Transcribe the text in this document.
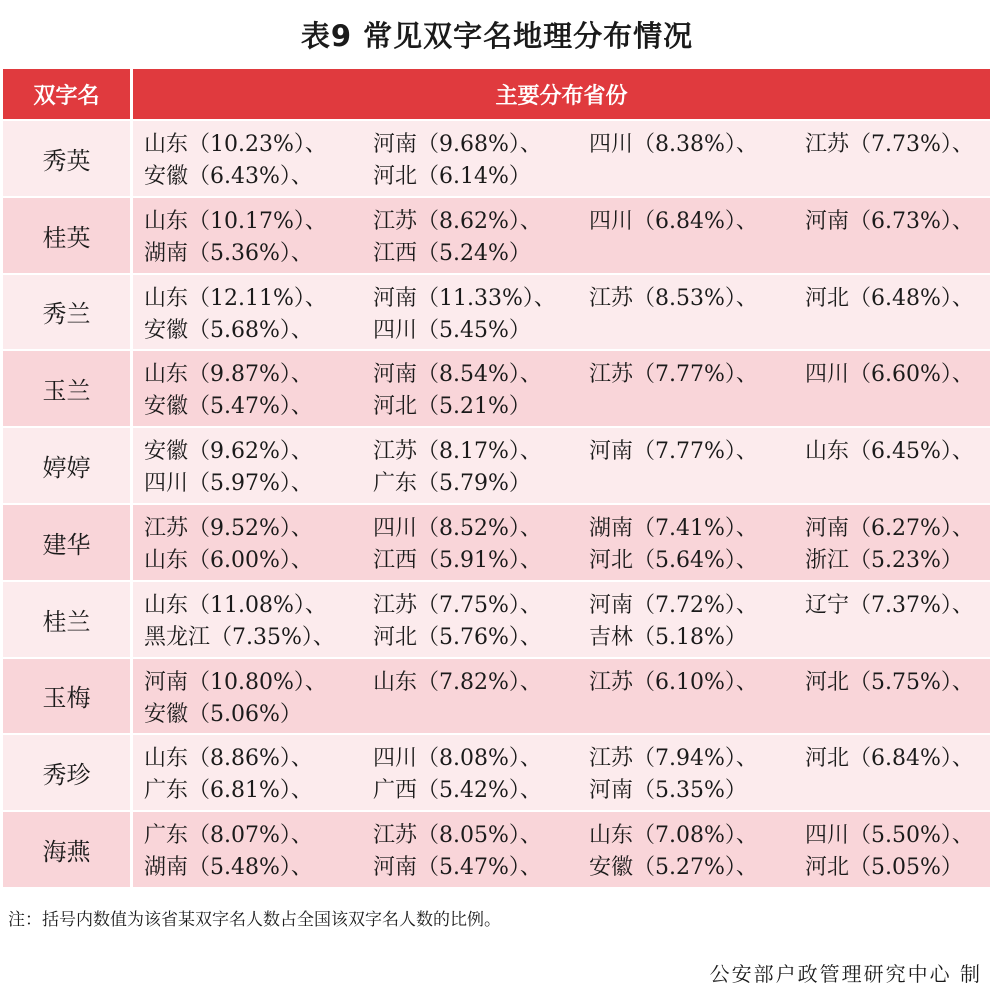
表9 常见双字名地理分布情况
双字名	主要分布省份
秀英
山东（10.23%）、	河南（9.68%）、	四川（8.38%）、	江苏（7.73%）、
安徽（6.43%）、	河北（6.14%）
桂英
山东（10.17%）、	江苏（8.62%）、	四川（6.84%）、	河南（6.73%）、
湖南（5.36%）、	江西（5.24%）
秀兰
山东（12.11%）、	河南（11.33%）、	江苏（8.53%）、	河北（6.48%）、
安徽（5.68%）、	四川（5.45%）
玉兰
山东（9.87%）、	河南（8.54%）、	江苏（7.77%）、	四川（6.60%）、
安徽（5.47%）、	河北（5.21%）
婷婷
安徽（9.62%）、	江苏（8.17%）、	河南（7.77%）、	山东（6.45%）、
四川（5.97%）、	广东（5.79%）
建华
江苏（9.52%）、	四川（8.52%）、	湖南（7.41%）、	河南（6.27%）、
山东（6.00%）、	江西（5.91%）、	河北（5.64%）、	浙江（5.23%）
桂兰
山东（11.08%）、	江苏（7.75%）、	河南（7.72%）、	辽宁（7.37%）、
黑龙江（7.35%）、	河北（5.76%）、	吉林（5.18%）
玉梅
河南（10.80%）、	山东（7.82%）、	江苏（6.10%）、	河北（5.75%）、
安徽（5.06%）
秀珍
山东（8.86%）、	四川（8.08%）、	江苏（7.94%）、	河北（6.84%）、
广东（6.81%）、	广西（5.42%）、	河南（5.35%）
海燕
广东（8.07%）、	江苏（8.05%）、	山东（7.08%）、	四川（5.50%）、
湖南（5.48%）、	河南（5.47%）、	安徽（5.27%）、	河北（5.05%）
注：括号内数值为该省某双字名人数占全国该双字名人数的比例。
公安部户政管理研究中心 制
